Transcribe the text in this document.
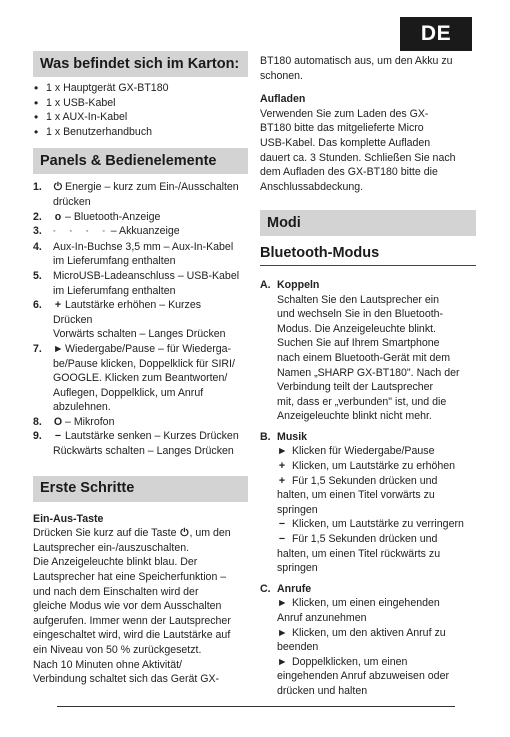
DE
Was befindet sich im Karton:
• 1 x Hauptgerät GX-BT180
• 1 x USB-Kabel
• 1 x AUX-In-Kabel
• 1 x Benutzerhandbuch
Panels & Bedienelemente
1.	⏻ Energie – kurz zum Ein-/Ausschalten
drücken
2.	o – Bluetooth-Anzeige
3.	◦ ◦ ◦ ◦– Akkuanzeige
4.	Aux-In-Buchse 3,5 mm – Aux-In-Kabel
im Lieferumfang enthalten
5.	MicroUSB-Ladeanschluss – USB-Kabel
im Lieferumfang enthalten
6.	+ Lautstärke erhöhen – Kurzes
Drücken
Vorwärts schalten – Langes Drücken
7.	► Wiedergabe/Pause – für Wiederga-
be/Pause klicken, Doppelklick für SIRI/
GOOGLE. Klicken zum Beantworten/
Auflegen, Doppelklick, um Anruf
abzulehnen.
8.	O – Mikrofon
9.	− Lautstärke senken – Kurzes Drücken
Rückwärts schalten – Langes Drücken
Erste Schritte
Ein-Aus-Taste
Drücken Sie kurz auf die Taste ⏻, um den
Lautsprecher ein-/auszuschalten.
Die Anzeigeleuchte blinkt blau. Der
Lautsprecher hat eine Speicherfunktion –
und nach dem Einschalten wird der
gleiche Modus wie vor dem Ausschalten
aufgerufen. Immer wenn der Lautsprecher
eingeschaltet wird, wird die Lautstärke auf
ein Niveau von 50 % zurückgesetzt.
Nach 10 Minuten ohne Aktivität/
Verbindung schaltet sich das Gerät GX-
BT180 automatisch aus, um den Akku zu
schonen.
Aufladen
Verwenden Sie zum Laden des GX-
BT180 bitte das mitgelieferte Micro
USB-Kabel. Das komplette Aufladen
dauert ca. 3 Stunden. Schließen Sie nach
dem Aufladen des GX-BT180 bitte die
Anschlussabdeckung.
Modi
Bluetooth-Modus
A. Koppeln
Schalten Sie den Lautsprecher ein
und wechseln Sie in den Bluetooth-
Modus. Die Anzeigeleuchte blinkt.
Suchen Sie auf Ihrem Smartphone
nach einem Bluetooth-Gerät mit dem
Namen „SHARP GX-BT180". Nach der
Verbindung teilt der Lautsprecher
mit, dass er „verbunden" ist, und die
Anzeigeleuchte blinkt nicht mehr.
B. Musik
► Klicken für Wiedergabe/Pause
+ Klicken, um Lautstärke zu erhöhen
+ Für 1,5 Sekunden drücken und
halten, um einen Titel vorwärts zu
springen
− Klicken, um Lautstärke zu verringern
− Für 1,5 Sekunden drücken und
halten, um einen Titel rückwärts zu
springen
C. Anrufe
► Klicken, um einen eingehenden
Anruf anzunehmen
► Klicken, um den aktiven Anruf zu
beenden
► Doppelklicken, um einen
eingehenden Anruf abzuweisen oder
drücken und halten
